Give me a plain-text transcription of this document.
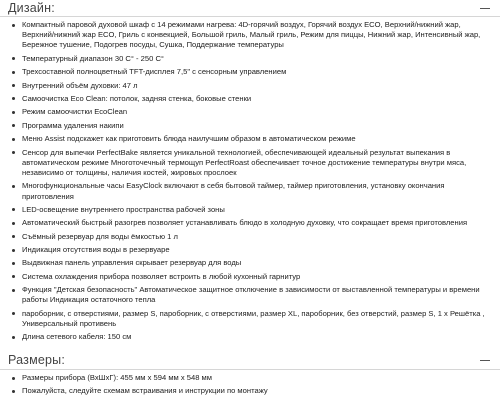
Дизайн:
Компактный паровой духовой шкаф с 14 режимами нагрева: 4D-горячий воздух, Горячий воздух ECO, Верхний/нижний жар, Верхний/нижний жар ECO, Гриль с конвекцией, Большой гриль, Малый гриль, Режим для пиццы, Нижний жар, Интенсивный жар, Бережное тушение, Подогрев посуды, Сушка, Поддержание температуры
Температурный диапазон 30 C° - 250 C°
Трехсоставной полноцветный TFT-дисплея 7,5" с сенсорным управлением
Внутренний объём духовки: 47 л
Самоочистка Eco Clean: потолок, задняя стенка, боковые стенки
Режим самоочистки EcoClean
Программа удаления накипи
Меню Assist подскажет как приготовить блюда наилучшим образом в автоматическом режиме
Сенсор для выпечки PerfectBake является уникальной технологией, обеспечивающей идеальный результат выпекания в автоматическом режиме Многоточечный термощуп PerfectRoast обеспечивает точное достижение температуры внутри мяса, независимо от толщины, наличия костей, жировых прослоек
Многофункциональные часы EasyClock включают в себя бытовой таймер, таймер приготовления, установку окончания приготовления
LED-освещение внутреннего пространства рабочей зоны
Автоматический быстрый разогрев позволяет устанавливать блюдо в холодную духовку, что сокращает время приготовления
Съёмный резервуар для воды ёмкостью 1 л
Индикация отсутствия воды в резервуаре
Выдвижная панель управления скрывает резервуар для воды
Система охлаждения прибора позволяет встроить в любой кухонный гарнитур
Функция "Детская безопасность" Автоматическое защитное отключение в зависимости от выставленной температуры и времени работы Индикация остаточного тепла
пароборник, с отверстиями, размер S, пароборник, с отверстиями, размер XL, пароборник, без отверстий, размер S, 1 x Решётка , Универсальный противень
Длина сетевого кабеля: 150 см
Размеры:
Размеры прибора (ВхШхГ): 455 мм x 594 мм x 548 мм
Пожалуйста, следуйте схемам встраивания и инструкции по монтажу
